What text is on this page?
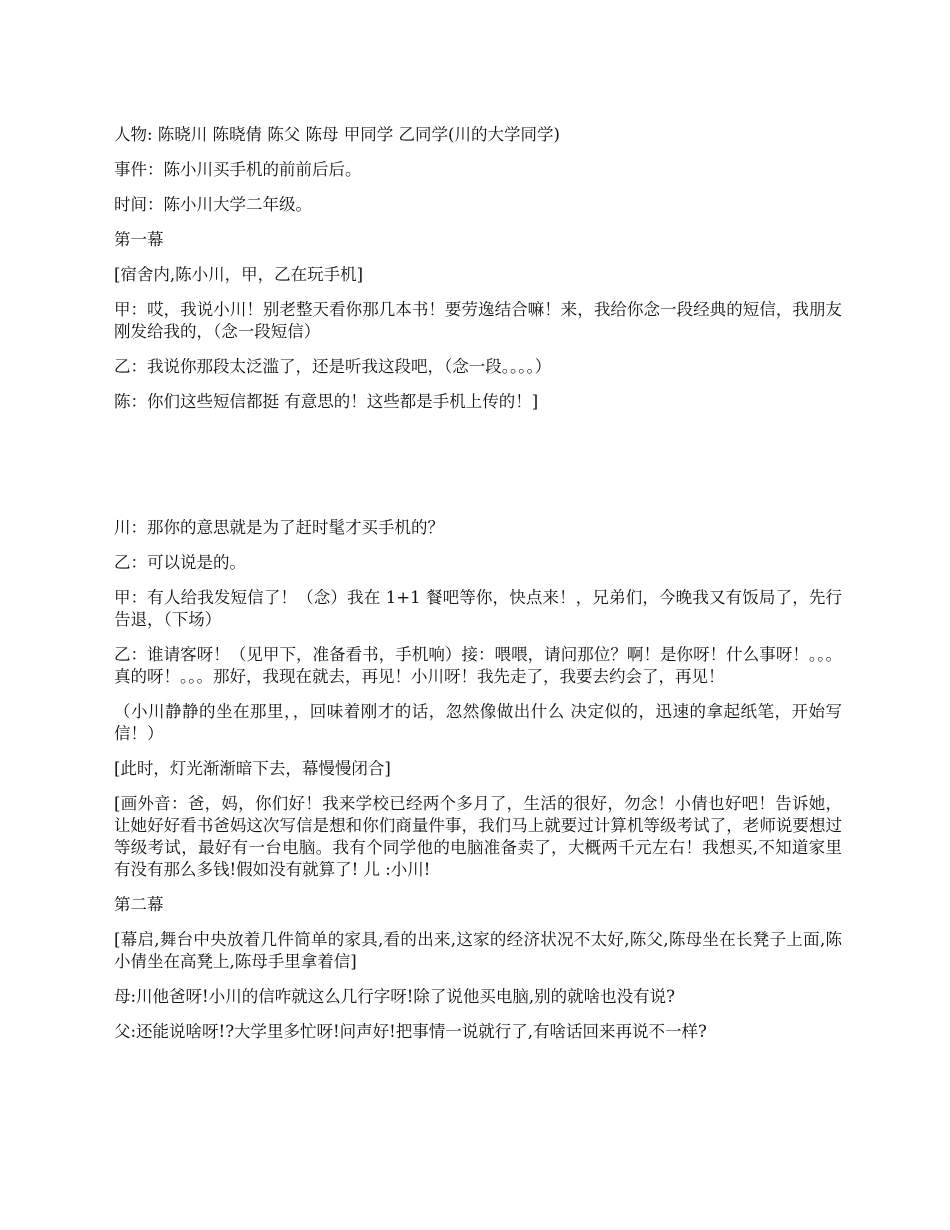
人物: 陈晓川 陈晓倩 陈父 陈母 甲同学 乙同学(川的大学同学)

事件：陈小川买手机的前前后后。

时间：陈小川大学二年级。

第一幕

[宿舍内,陈小川，甲，乙在玩手机]

甲：哎，我说小川！别老整天看你那几本书！要劳逸结合嘛！来，我给你念一段经典的短信，我朋友刚发给我的，（念一段短信）

乙：我说你那段太泛滥了，还是听我这段吧，（念一段。。。。）

陈：你们这些短信都挺 有意思的！这些都是手机上传的！]

川：那你的意思就是为了赶时髦才买手机的？

乙：可以说是的。

甲：有人给我发短信了！（念）我在 1+1 餐吧等你，快点来！，兄弟们，今晚我又有饭局了，先行告退，（下场）

乙：谁请客呀！（见甲下，准备看书，手机响）接：喂喂，请问那位？啊！是你呀！什么事呀！。。。真的呀！。。。那好，我现在就去，再见！小川呀！我先走了，我要去约会了，再见！

（小川静静的坐在那里，，回味着刚才的话，忽然像做出什么 决定似的，迅速的拿起纸笔，开始写信！）

[此时，灯光渐渐暗下去，幕慢慢闭合]

[画外音：爸，妈，你们好！我来学校已经两个多月了，生活的很好，勿念！小倩也好吧！告诉她，让她好好看书爸妈这次写信是想和你们商量件事，我们马上就要过计算机等级考试了，老师说要想过等级考试，最好有一台电脑。我有个同学他的电脑准备卖了，大概两千元左右！我想买,不知道家里有没有那么多钱!假如没有就算了! 儿 :小川!

第二幕

[幕启,舞台中央放着几件简单的家具,看的出来,这家的经济状况不太好,陈父,陈母坐在长凳子上面,陈小倩坐在高凳上,陈母手里拿着信]

母:川他爸呀!小川的信咋就这么几行字呀!除了说他买电脑,别的就啥也没有说?

父:还能说啥呀!?大学里多忙呀!问声好!把事情一说就行了,有啥话回来再说不一样?
